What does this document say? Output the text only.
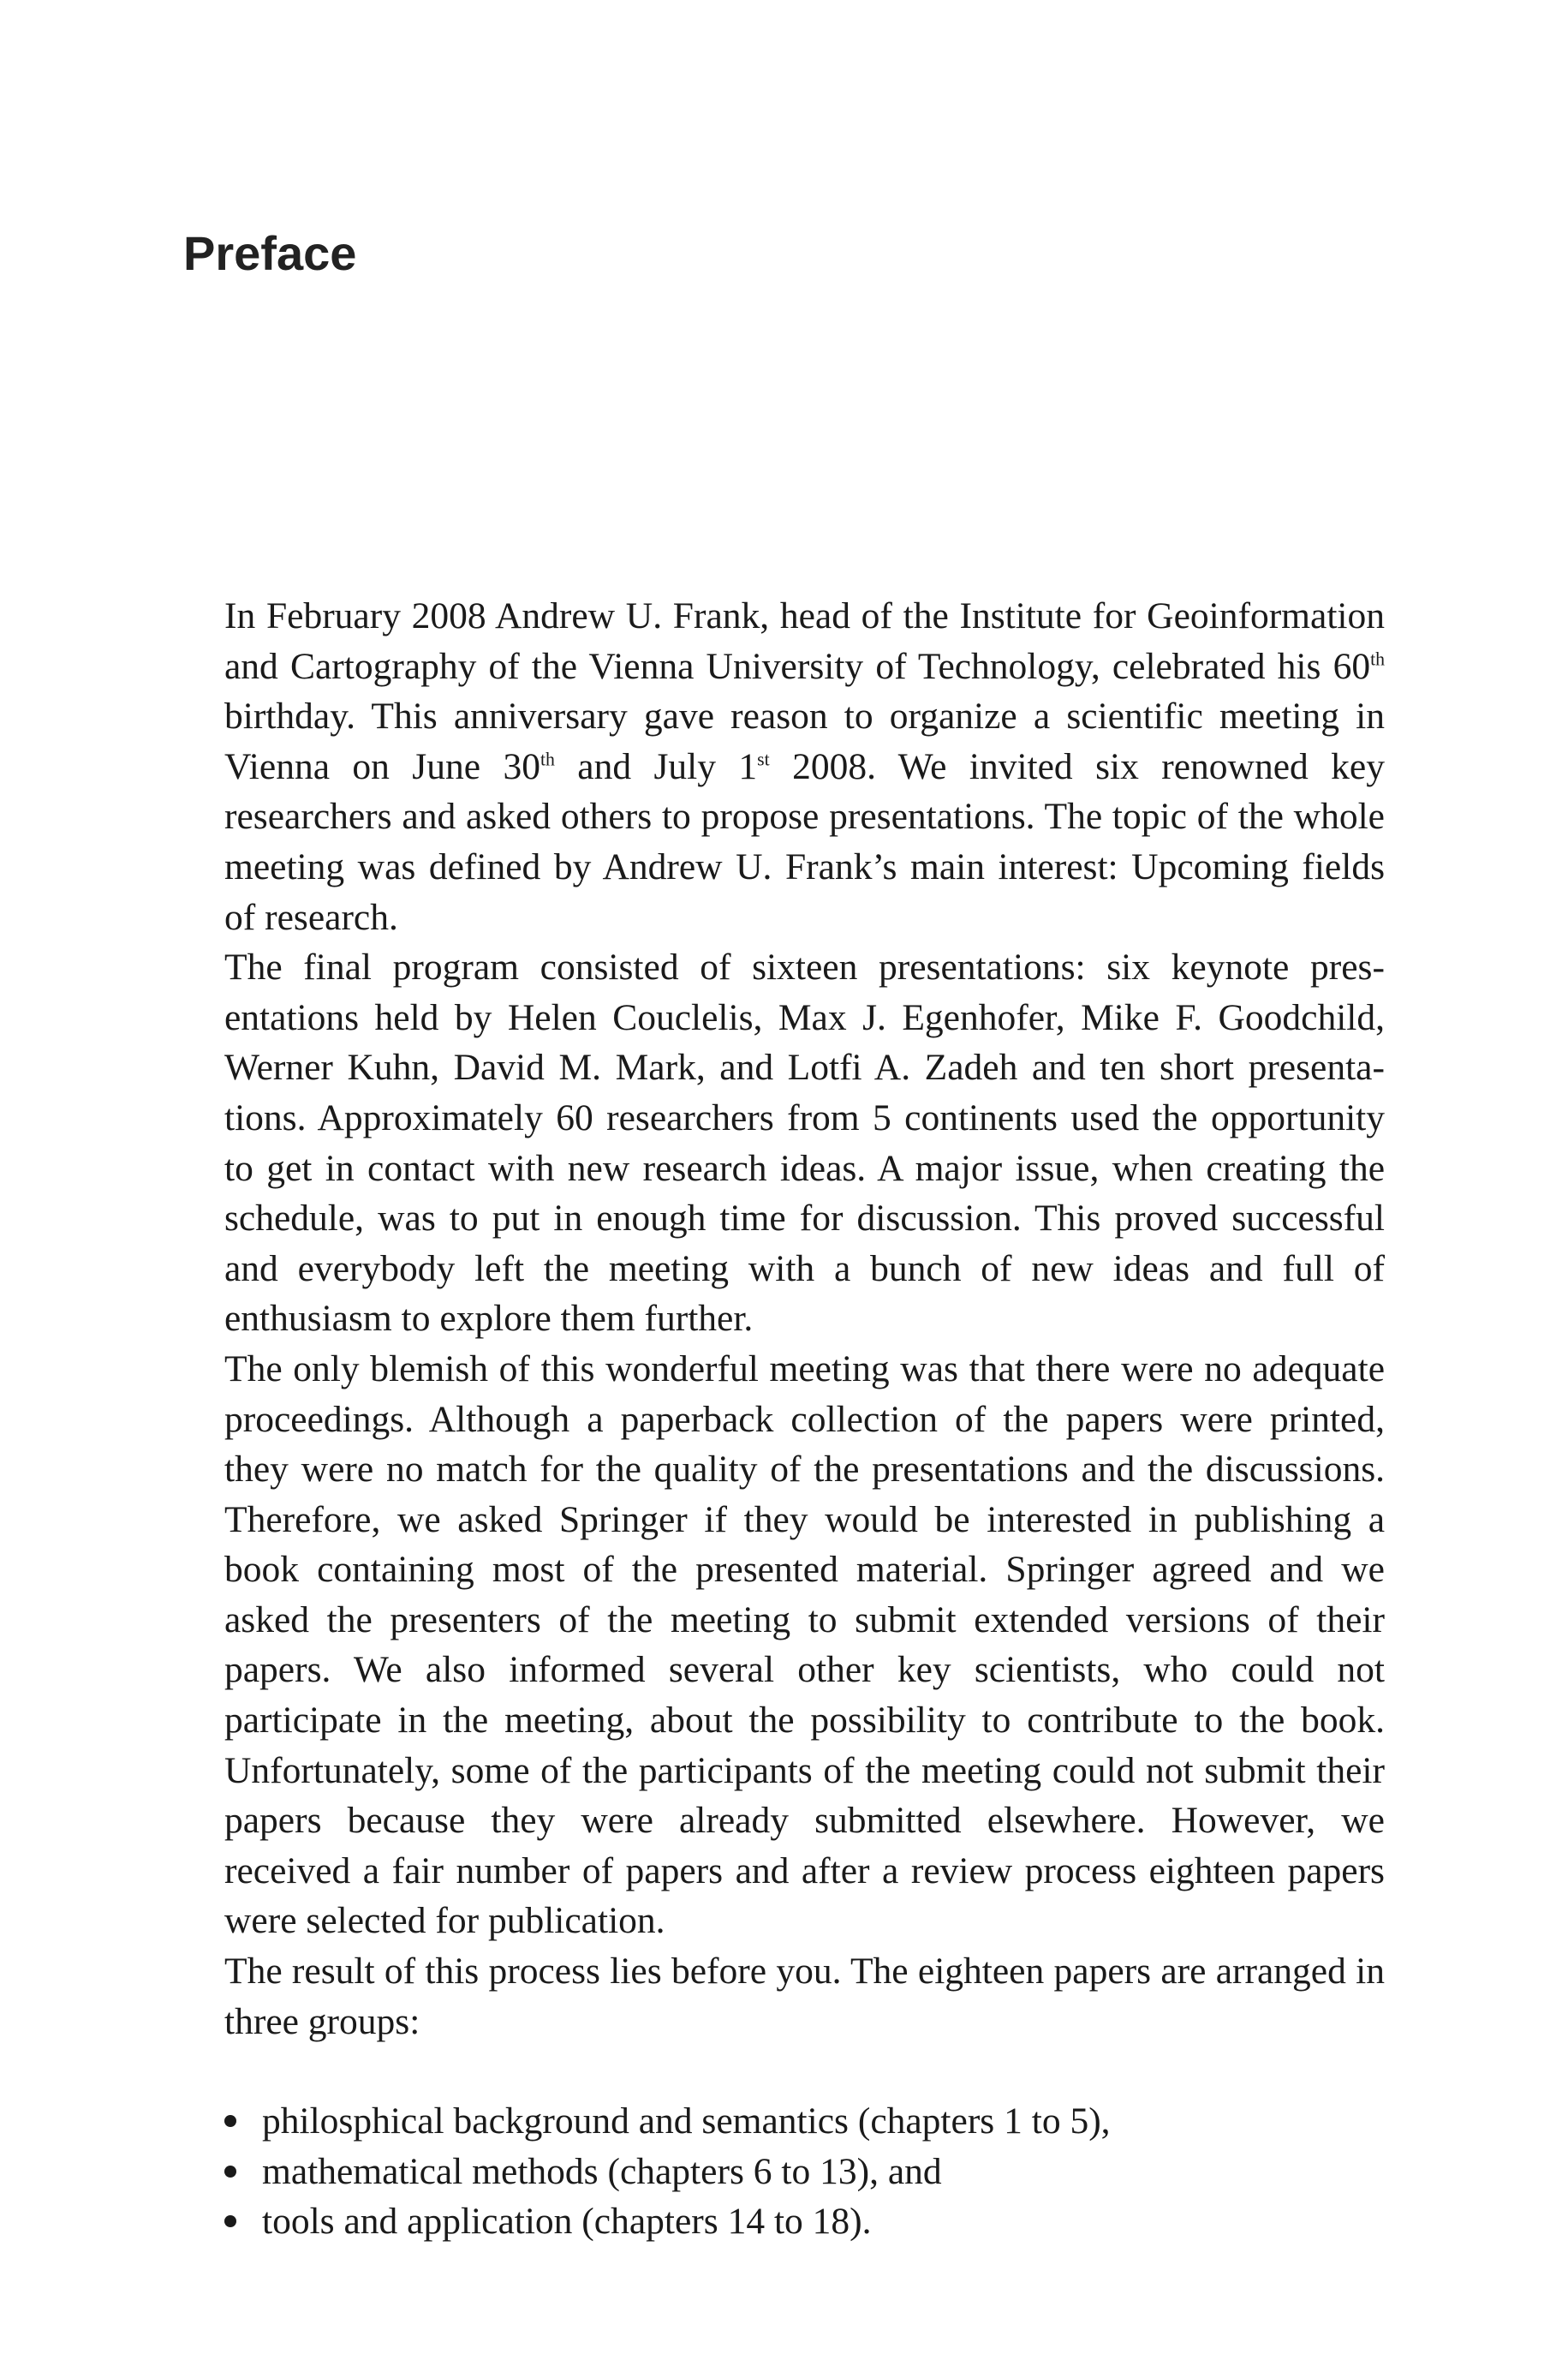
Preface

In February 2008 Andrew U. Frank, head of the Institute for Geoinformation and Cartography of the Vienna University of Technology, celebrated his 60th birthday. This anniversary gave reason to organize a scientific meeting in Vienna on June 30th and July 1st 2008. We invited six renowned key researchers and asked others to propose presentations. The topic of the whole meeting was defined by Andrew U. Frank’s main interest: Upcoming fields of research.

The final program consisted of sixteen presentations: six keynote presentations held by Helen Couclelis, Max J. Egenhofer, Mike F. Goodchild, Werner Kuhn, David M. Mark, and Lotfi A. Zadeh and ten short presentations. Approximately 60 researchers from 5 continents used the opportunity to get in contact with new research ideas. A major issue, when creating the schedule, was to put in enough time for discussion. This proved successful and everybody left the meeting with a bunch of new ideas and full of enthusiasm to explore them further.

The only blemish of this wonderful meeting was that there were no adequate proceedings. Although a paperback collection of the papers were printed, they were no match for the quality of the presentations and the discussions. Therefore, we asked Springer if they would be interested in publishing a book containing most of the presented material. Springer agreed and we asked the presenters of the meeting to submit extended versions of their papers. We also informed several other key scientists, who could not participate in the meeting, about the possibility to contribute to the book. Unfortunately, some of the participants of the meeting could not submit their papers because they were already submitted elsewhere. However, we received a fair number of papers and after a review process eighteen papers were selected for publication.

The result of this process lies before you. The eighteen papers are arranged in three groups:

philosphical background and semantics (chapters 1 to 5),
mathematical methods (chapters 6 to 13), and
tools and application (chapters 14 to 18).
